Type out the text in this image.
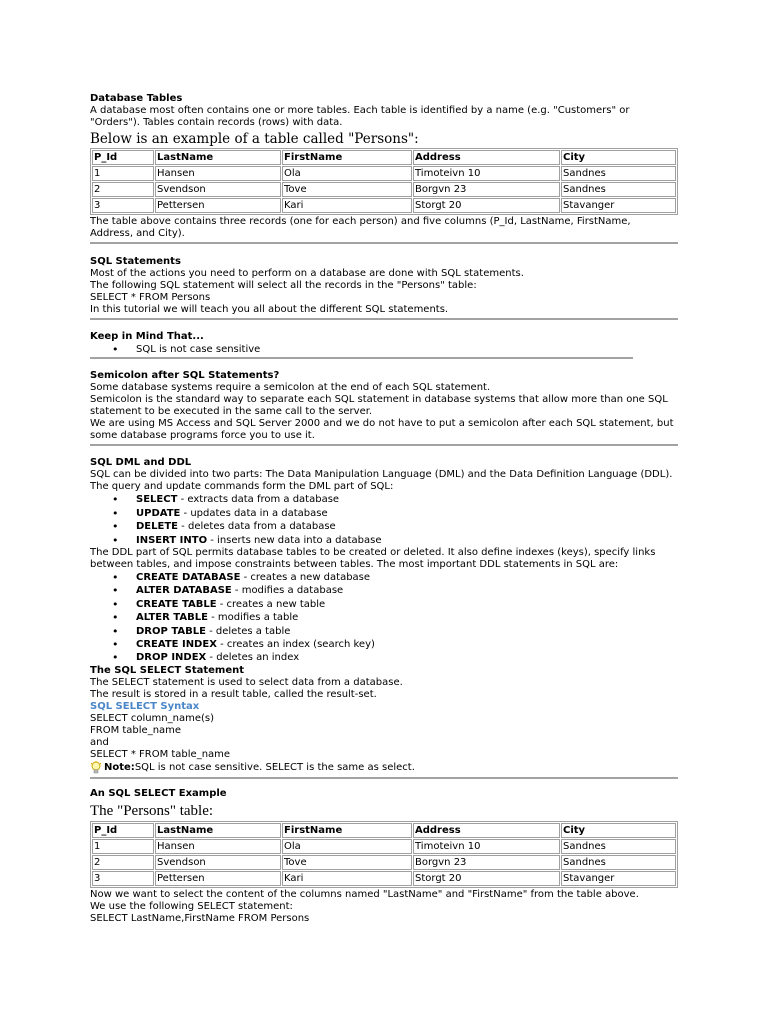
Database Tables

A database most often contains one or more tables. Each table is identified by a name (e.g. "Customers" or

"Orders"). Tables contain records (rows) with data.

Below is an example of a table called "Persons":

P_Id	LastName	FirstName	Address	City
1	Hansen	Ola	Timoteivn 10	Sandnes
2	Svendson	Tove	Borgvn 23	Sandnes
3	Pettersen	Kari	Storgt 20	Stavanger

The table above contains three records (one for each person) and five columns (P_Id, LastName, FirstName,

Address, and City).

SQL Statements

Most of the actions you need to perform on a database are done with SQL statements.

The following SQL statement will select all the records in the "Persons" table:

SELECT * FROM Persons

In this tutorial we will teach you all about the different SQL statements.

Keep in Mind That...

• SQL is not case sensitive

Semicolon after SQL Statements?

Some database systems require a semicolon at the end of each SQL statement.

Semicolon is the standard way to separate each SQL statement in database systems that allow more than one SQL

statement to be executed in the same call to the server.

We are using MS Access and SQL Server 2000 and we do not have to put a semicolon after each SQL statement, but

some database programs force you to use it.

SQL DML and DDL

SQL can be divided into two parts: The Data Manipulation Language (DML) and the Data Definition Language (DDL).

The query and update commands form the DML part of SQL:

• SELECT - extracts data from a database
• UPDATE - updates data in a database
• DELETE - deletes data from a database
• INSERT INTO - inserts new data into a database

The DDL part of SQL permits database tables to be created or deleted. It also define indexes (keys), specify links

between tables, and impose constraints between tables. The most important DDL statements in SQL are:

• CREATE DATABASE - creates a new database
• ALTER DATABASE - modifies a database
• CREATE TABLE - creates a new table
• ALTER TABLE - modifies a table
• DROP TABLE - deletes a table
• CREATE INDEX - creates an index (search key)
• DROP INDEX - deletes an index

The SQL SELECT Statement

The SELECT statement is used to select data from a database.

The result is stored in a result table, called the result-set.

SQL SELECT Syntax

SELECT column_name(s)

FROM table_name

and

SELECT * FROM table_name

Note: SQL is not case sensitive. SELECT is the same as select.

An SQL SELECT Example

The "Persons" table:

P_Id	LastName	FirstName	Address	City
1	Hansen	Ola	Timoteivn 10	Sandnes
2	Svendson	Tove	Borgvn 23	Sandnes
3	Pettersen	Kari	Storgt 20	Stavanger

Now we want to select the content of the columns named "LastName" and "FirstName" from the table above.

We use the following SELECT statement:

SELECT LastName,FirstName FROM Persons
